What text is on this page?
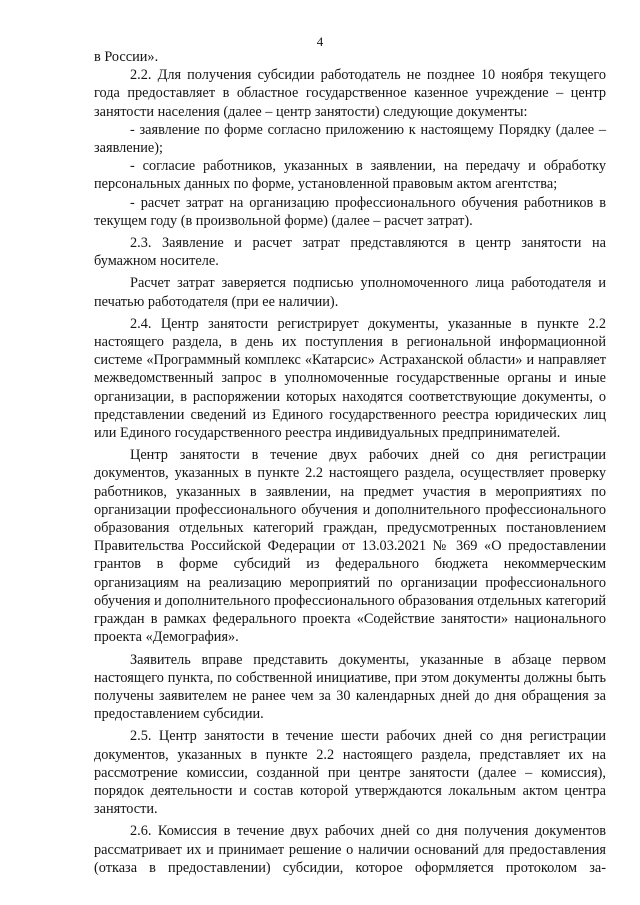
4

в России».

2.2. Для получения субсидии работодатель не позднее 10 ноября текущего года предоставляет в областное государственное казенное учреждение – центр занятости населения (далее – центр занятости) следующие документы:

- заявление по форме согласно приложению к настоящему Порядку (далее – заявление);

- согласие работников, указанных в заявлении, на передачу и обработку персональных данных по форме, установленной правовым актом агентства;

- расчет затрат на организацию профессионального обучения работников в текущем году (в произвольной форме) (далее – расчет затрат).

2.3. Заявление и расчет затрат представляются в центр занятости на бумажном носителе.

Расчет затрат заверяется подписью уполномоченного лица работодателя и печатью работодателя (при ее наличии).

2.4. Центр занятости регистрирует документы, указанные в пункте 2.2 настоящего раздела, в день их поступления в региональной информационной системе «Программный комплекс «Катарсис» Астраханской области» и направляет межведомственный запрос в уполномоченные государственные органы и иные организации, в распоряжении которых находятся соответствующие документы, о представлении сведений из Единого государственного реестра юридических лиц или Единого государственного реестра индивидуальных предпринимателей.

Центр занятости в течение двух рабочих дней со дня регистрации документов, указанных в пункте 2.2 настоящего раздела, осуществляет проверку работников, указанных в заявлении, на предмет участия в мероприятиях по организации профессионального обучения и дополнительного профессионального образования отдельных категорий граждан, предусмотренных постановлением Правительства Российской Федерации от 13.03.2021 № 369 «О предоставлении грантов в форме субсидий из федерального бюджета некоммерческим организациям на реализацию мероприятий по организации профессионального обучения и дополнительного профессионального образования отдельных категорий граждан в рамках федерального проекта «Содействие занятости» национального проекта «Демография».

Заявитель вправе представить документы, указанные в абзаце первом настоящего пункта, по собственной инициативе, при этом документы должны быть получены заявителем не ранее чем за 30 календарных дней до дня обращения за предоставлением субсидии.

2.5. Центр занятости в течение шести рабочих дней со дня регистрации документов, указанных в пункте 2.2 настоящего раздела, представляет их на рассмотрение комиссии, созданной при центре занятости (далее – комиссия), порядок деятельности и состав которой утверждаются локальным актом центра занятости.

2.6. Комиссия в течение двух рабочих дней со дня получения документов рассматривает их и принимает решение о наличии оснований для предоставления (отказа в предоставлении) субсидии, которое оформляется протоколом за-

··
